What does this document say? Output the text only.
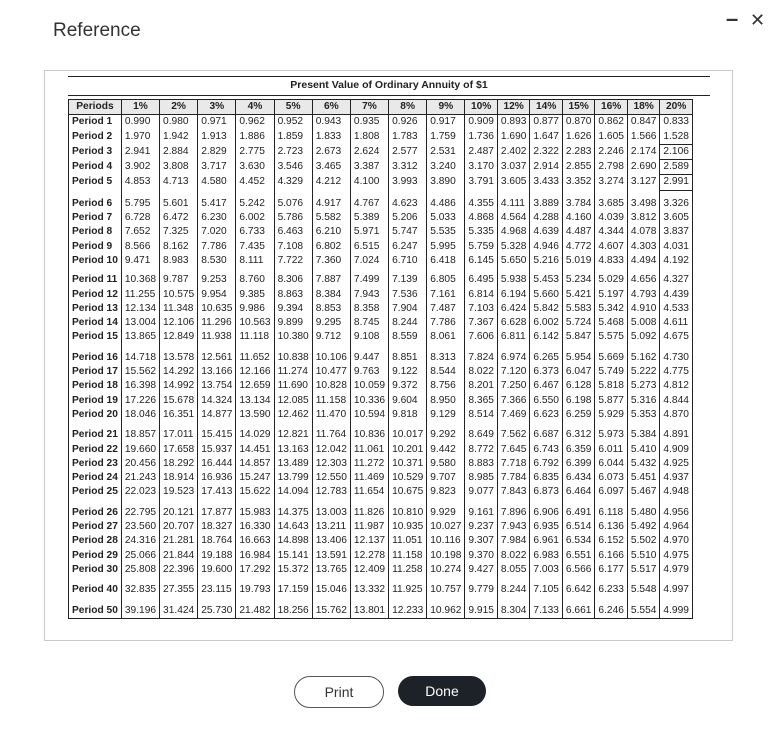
Reference	– ✕
Present Value of Ordinary Annuity of $1
Periods	1%	2%	3%	4%	5%	6%	7%	8%	9%	10%	12%	14%	15%	16%	18%	20%
Period 1	0.990	0.980	0.971	0.962	0.952	0.943	0.935	0.926	0.917	0.909	0.893	0.877	0.870	0.862	0.847	0.833
Period 2	1.970	1.942	1.913	1.886	1.859	1.833	1.808	1.783	1.759	1.736	1.690	1.647	1.626	1.605	1.566	1.528
Period 3	2.941	2.884	2.829	2.775	2.723	2.673	2.624	2.577	2.531	2.487	2.402	2.322	2.283	2.246	2.174	2.106
Period 4	3.902	3.808	3.717	3.630	3.546	3.465	3.387	3.312	3.240	3.170	3.037	2.914	2.855	2.798	2.690	2.589
Period 5	4.853	4.713	4.580	4.452	4.329	4.212	4.100	3.993	3.890	3.791	3.605	3.433	3.352	3.274	3.127	2.991
Period 6	5.795	5.601	5.417	5.242	5.076	4.917	4.767	4.623	4.486	4.355	4.111	3.889	3.784	3.685	3.498	3.326
Period 7	6.728	6.472	6.230	6.002	5.786	5.582	5.389	5.206	5.033	4.868	4.564	4.288	4.160	4.039	3.812	3.605
Period 8	7.652	7.325	7.020	6.733	6.463	6.210	5.971	5.747	5.535	5.335	4.968	4.639	4.487	4.344	4.078	3.837
Period 9	8.566	8.162	7.786	7.435	7.108	6.802	6.515	6.247	5.995	5.759	5.328	4.946	4.772	4.607	4.303	4.031
Period 10	9.471	8.983	8.530	8.111	7.722	7.360	7.024	6.710	6.418	6.145	5.650	5.216	5.019	4.833	4.494	4.192
Period 11	10.368	9.787	9.253	8.760	8.306	7.887	7.499	7.139	6.805	6.495	5.938	5.453	5.234	5.029	4.656	4.327
Period 12	11.255	10.575	9.954	9.385	8.863	8.384	7.943	7.536	7.161	6.814	6.194	5.660	5.421	5.197	4.793	4.439
Period 13	12.134	11.348	10.635	9.986	9.394	8.853	8.358	7.904	7.487	7.103	6.424	5.842	5.583	5.342	4.910	4.533
Period 14	13.004	12.106	11.296	10.563	9.899	9.295	8.745	8.244	7.786	7.367	6.628	6.002	5.724	5.468	5.008	4.611
Period 15	13.865	12.849	11.938	11.118	10.380	9.712	9.108	8.559	8.061	7.606	6.811	6.142	5.847	5.575	5.092	4.675
Period 16	14.718	13.578	12.561	11.652	10.838	10.106	9.447	8.851	8.313	7.824	6.974	6.265	5.954	5.669	5.162	4.730
Period 17	15.562	14.292	13.166	12.166	11.274	10.477	9.763	9.122	8.544	8.022	7.120	6.373	6.047	5.749	5.222	4.775
Period 18	16.398	14.992	13.754	12.659	11.690	10.828	10.059	9.372	8.756	8.201	7.250	6.467	6.128	5.818	5.273	4.812
Period 19	17.226	15.678	14.324	13.134	12.085	11.158	10.336	9.604	8.950	8.365	7.366	6.550	6.198	5.877	5.316	4.844
Period 20	18.046	16.351	14.877	13.590	12.462	11.470	10.594	9.818	9.129	8.514	7.469	6.623	6.259	5.929	5.353	4.870
Period 21	18.857	17.011	15.415	14.029	12.821	11.764	10.836	10.017	9.292	8.649	7.562	6.687	6.312	5.973	5.384	4.891
Period 22	19.660	17.658	15.937	14.451	13.163	12.042	11.061	10.201	9.442	8.772	7.645	6.743	6.359	6.011	5.410	4.909
Period 23	20.456	18.292	16.444	14.857	13.489	12.303	11.272	10.371	9.580	8.883	7.718	6.792	6.399	6.044	5.432	4.925
Period 24	21.243	18.914	16.936	15.247	13.799	12.550	11.469	10.529	9.707	8.985	7.784	6.835	6.434	6.073	5.451	4.937
Period 25	22.023	19.523	17.413	15.622	14.094	12.783	11.654	10.675	9.823	9.077	7.843	6.873	6.464	6.097	5.467	4.948
Period 26	22.795	20.121	17.877	15.983	14.375	13.003	11.826	10.810	9.929	9.161	7.896	6.906	6.491	6.118	5.480	4.956
Period 27	23.560	20.707	18.327	16.330	14.643	13.211	11.987	10.935	10.027	9.237	7.943	6.935	6.514	6.136	5.492	4.964
Period 28	24.316	21.281	18.764	16.663	14.898	13.406	12.137	11.051	10.116	9.307	7.984	6.961	6.534	6.152	5.502	4.970
Period 29	25.066	21.844	19.188	16.984	15.141	13.591	12.278	11.158	10.198	9.370	8.022	6.983	6.551	6.166	5.510	4.975
Period 30	25.808	22.396	19.600	17.292	15.372	13.765	12.409	11.258	10.274	9.427	8.055	7.003	6.566	6.177	5.517	4.979
Period 40	32.835	27.355	23.115	19.793	17.159	15.046	13.332	11.925	10.757	9.779	8.244	7.105	6.642	6.233	5.548	4.997
Period 50	39.196	31.424	25.730	21.482	18.256	15.762	13.801	12.233	10.962	9.915	8.304	7.133	6.661	6.246	5.554	4.999
Print	Done
